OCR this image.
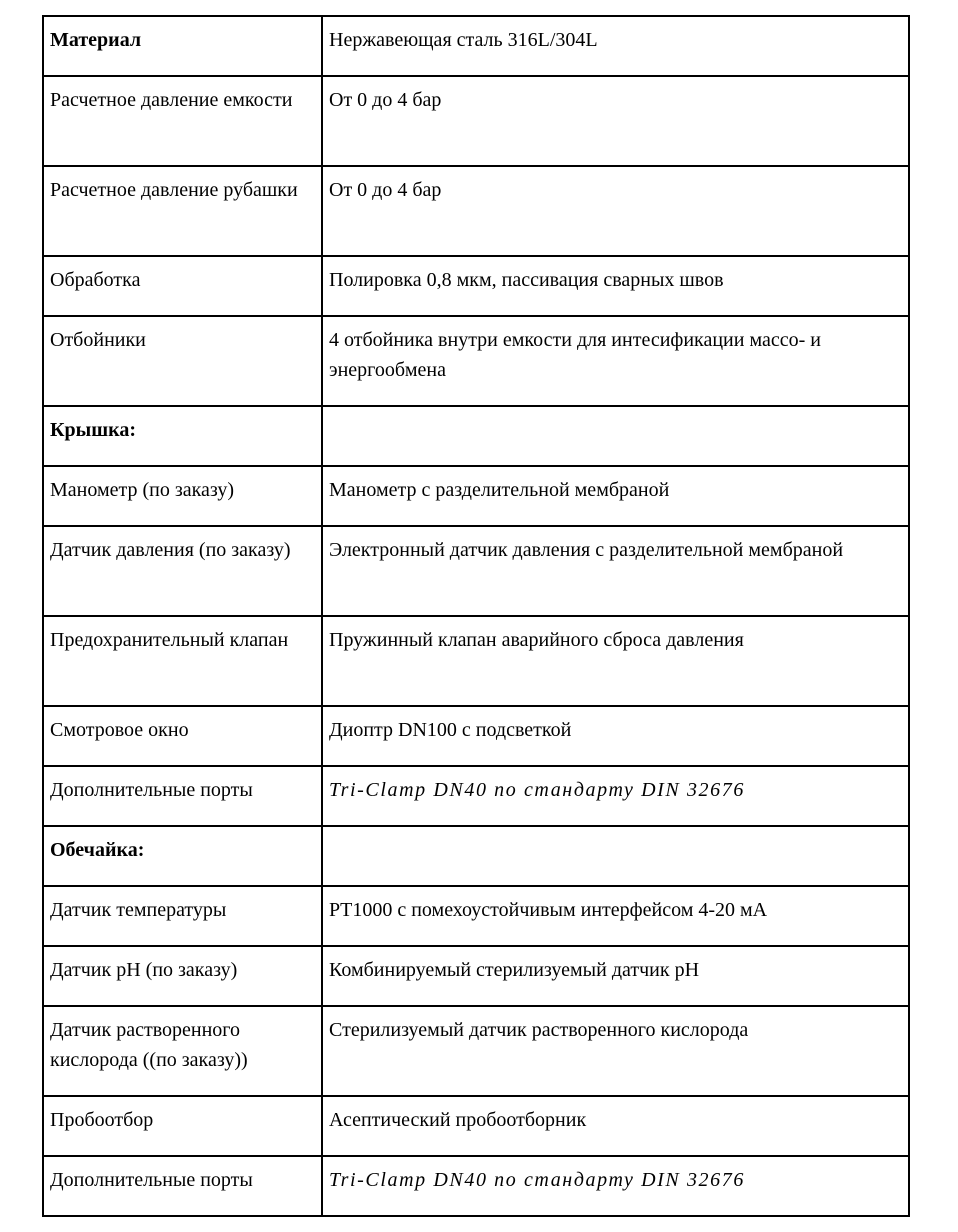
Материал	Нержавеющая сталь 316L/304L
Расчетное давление емкости	От 0 до 4 бар
Расчетное давление рубашки	От 0 до 4 бар
Обработка	Полировка 0,8 мкм, пассивация сварных швов
Отбойники	4 отбойника внутри емкости для интесификации массо- и энергообмена
Крышка:	
Манометр (по заказу)	Манометр с разделительной мембраной
Датчик давления (по заказу)	Электронный датчик давления с разделительной мембраной
Предохранительный клапан	Пружинный клапан аварийного сброса давления
Смотровое окно	Диоптр DN100 с подсветкой
Дополнительные порты	Tri-Clamp DN40 по стандарту DIN 32676
Обечайка:	
Датчик температуры	PT1000 с помехоустойчивым интерфейсом 4-20 мА
Датчик pH (по заказу)	Комбинируемый стерилизуемый датчик pH
Датчик растворенного кислорода ((по заказу))	Стерилизуемый датчик растворенного кислорода
Пробоотбор	Асептический пробоотборник
Дополнительные порты	Tri-Clamp DN40 по стандарту DIN 32676
